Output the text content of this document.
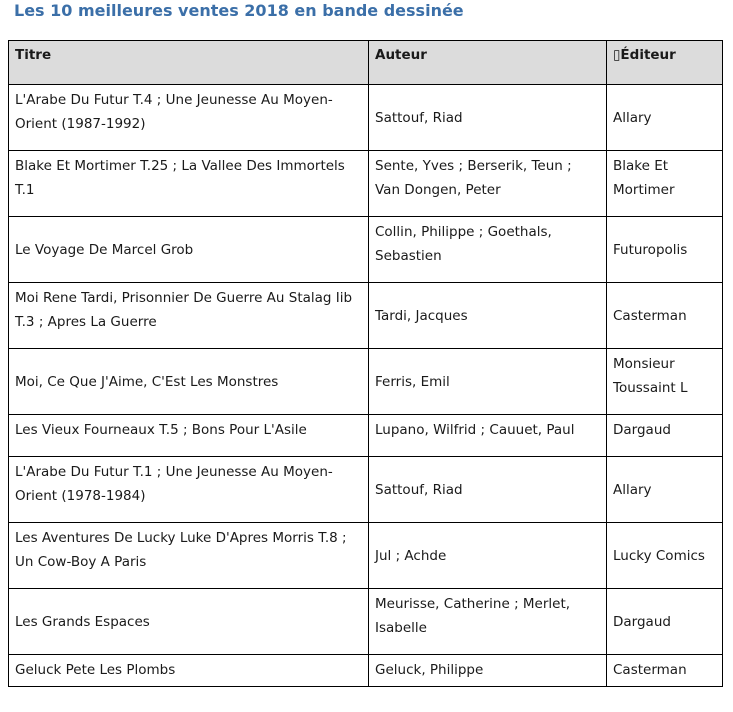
Les 10 meilleures ventes 2018 en bande dessinée
Titre	Auteur	▯Éditeur
L'Arabe Du Futur T.4 ; Une Jeunesse Au Moyen-Orient (1987-1992)	Sattouf, Riad	Allary
Blake Et Mortimer T.25 ; La Vallee Des Immortels T.1	Sente, Yves ; Berserik, Teun ; Van Dongen, Peter	Blake Et Mortimer
Le Voyage De Marcel Grob	Collin, Philippe ; Goethals, Sebastien	Futuropolis
Moi Rene Tardi, Prisonnier De Guerre Au Stalag Iib T.3 ; Apres La Guerre	Tardi, Jacques	Casterman
Moi, Ce Que J'Aime, C'Est Les Monstres	Ferris, Emil	Monsieur Toussaint L
Les Vieux Fourneaux T.5 ; Bons Pour L'Asile	Lupano, Wilfrid ; Cauuet, Paul	Dargaud
L'Arabe Du Futur T.1 ; Une Jeunesse Au Moyen-Orient (1978-1984)	Sattouf, Riad	Allary
Les Aventures De Lucky Luke D'Apres Morris T.8 ; Un Cow-Boy A Paris	Jul ; Achde	Lucky Comics
Les Grands Espaces	Meurisse, Catherine ; Merlet, Isabelle	Dargaud
Geluck Pete Les Plombs	Geluck, Philippe	Casterman
